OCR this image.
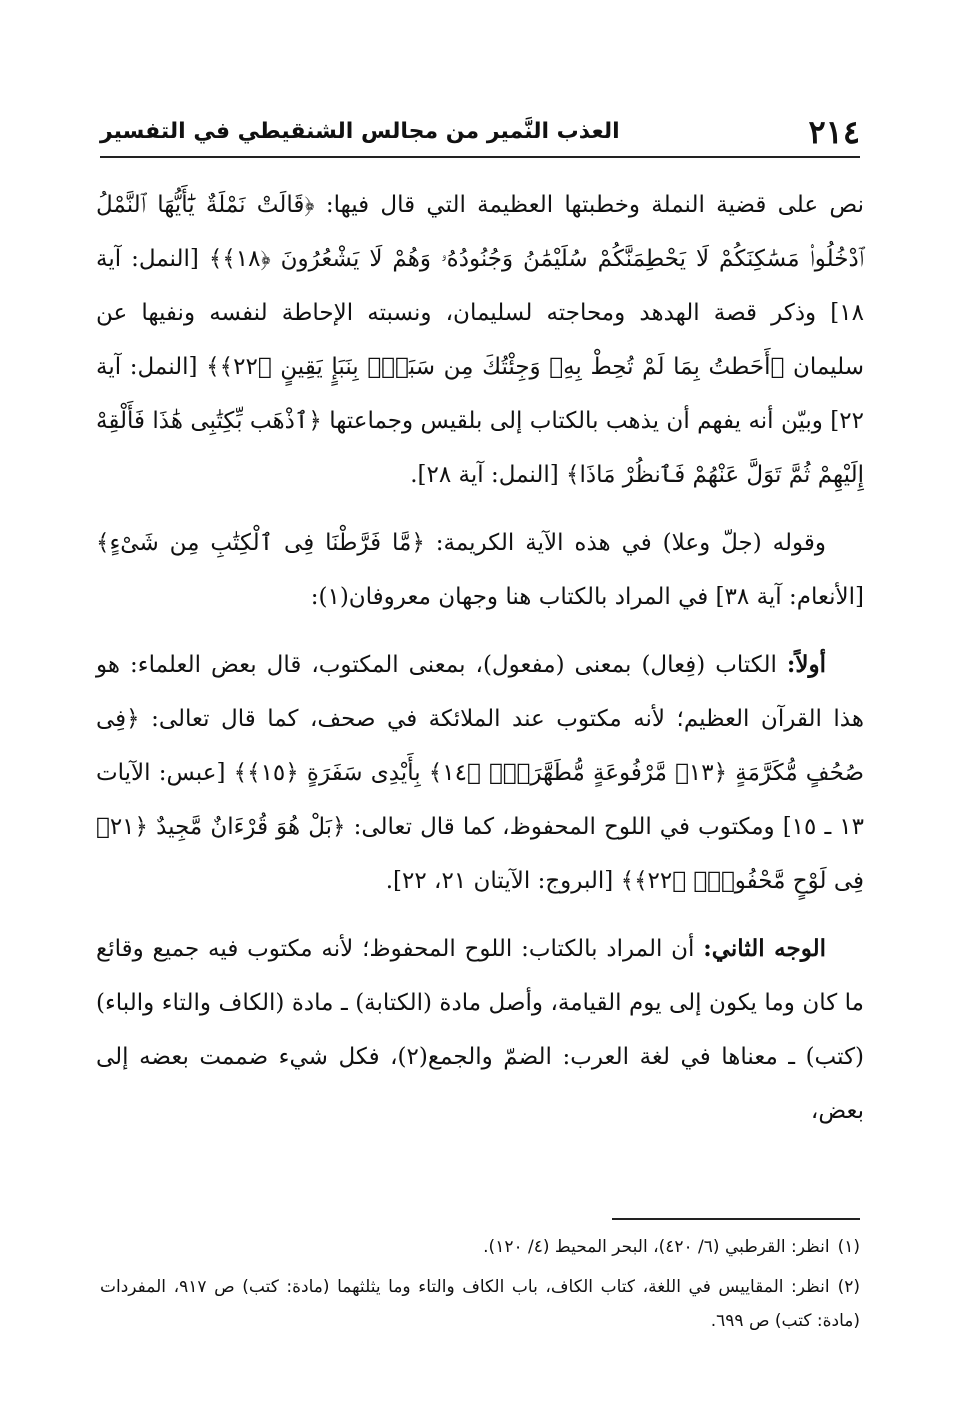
٢١٤
العذب النَّمير من مجالس الشنقيطي في التفسير

نص على قضية النملة وخطبتها العظيمة التي قال فيها: ﴿قَالَتْ نَمْلَةٌ يَٰٓأَيُّهَا ٱلنَّمْلُ ٱدْخُلُوا۟ مَسَٰكِنَكُمْ لَا يَحْطِمَنَّكُمْ سُلَيْمَٰنُ وَجُنُودُهُۥ وَهُمْ لَا يَشْعُرُونَ ﴿١٨﴾﴾ [النمل: آية ١٨] وذكر قصة الهدهد ومحاجته لسليمان، ونسبته الإحاطة لنفسه ونفيها عن سليمان ﴿أَحَطتُ بِمَا لَمْ تُحِطْ بِهِۦ وَجِئْتُكَ مِن سَبَإٍۭ بِنَبَإٍ يَقِينٍ ﴿٢٢﴾﴾ [النمل: آية ٢٢] وبيّن أنه يفهم أن يذهب بالكتاب إلى بلقيس وجماعتها ﴿ٱذْهَب بِّكِتَٰبِى هَٰذَا فَأَلْقِهْ إِلَيْهِمْ ثُمَّ تَوَلَّ عَنْهُمْ فَٱنظُرْ مَاذَا﴾ [النمل: آية ٢٨].

وقوله (جلّ وعلا) في هذه الآية الكريمة: ﴿مَّا فَرَّطْنَا فِى ٱلْكِتَٰبِ مِن شَىْءٍ﴾ [الأنعام: آية ٣٨] في المراد بالكتاب هنا وجهان معروفان(١):

أولاً: الكتاب (فِعال) بمعنى (مفعول)، بمعنى المكتوب، قال بعض العلماء: هو هذا القرآن العظيم؛ لأنه مكتوب عند الملائكة في صحف، كما قال تعالى: ﴿فِى صُحُفٍ مُّكَرَّمَةٍ ﴿١٣﴾ مَّرْفُوعَةٍ مُّطَهَّرَةٍۭ ﴿١٤﴾ بِأَيْدِى سَفَرَةٍ ﴿١٥﴾﴾ [عبس: الآيات ١٣ ـ ١٥] ومكتوب في اللوح المحفوظ، كما قال تعالى: ﴿بَلْ هُوَ قُرْءَانٌ مَّجِيدٌ ﴿٢١﴾ فِى لَوْحٍ مَّحْفُوظٍۭ ﴿٢٢﴾﴾ [البروج: الآيتان ٢١، ٢٢].

الوجه الثاني: أن المراد بالكتاب: اللوح المحفوظ؛ لأنه مكتوب فيه جميع وقائع ما كان وما يكون إلى يوم القيامة، وأصل مادة (الكتابة) ـ مادة (الكاف والتاء والباء) (كتب) ـ معناها في لغة العرب: الضمّ والجمع(٢)، فكل شيء ضممت بعضه إلى بعض،

(١)انظر: القرطبي (٦/ ٤٢٠)، البحر المحيط (٤/ ١٢٠).

(٢)انظر: المقاييس في اللغة، كتاب الكاف، باب الكاف والتاء وما يثلثهما (مادة: كتب) ص ٩١٧، المفردات (مادة: كتب) ص ٦٩٩.
